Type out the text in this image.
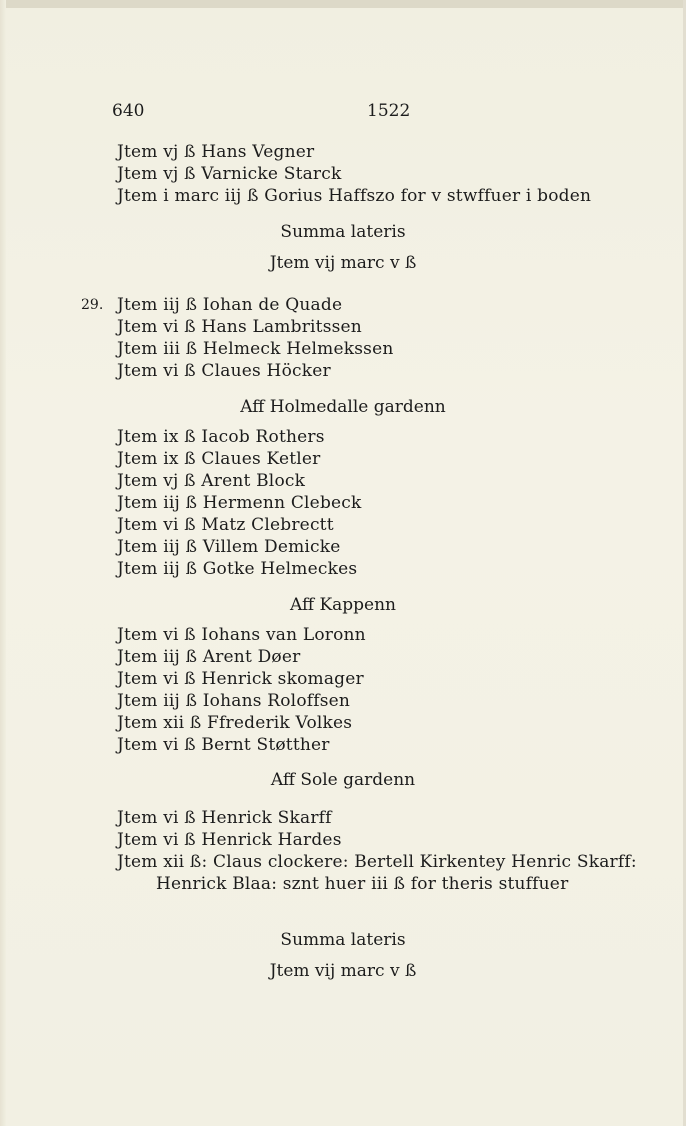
640	1522
Jtem vj ß Hans Vegner
Jtem vj ß Varnicke Starck
Jtem i marc iij ß Gorius Haffszo for v stwffuer i boden
Summa lateris
Jtem vij marc v ß
29. Jtem iij ß Iohan de Quade
Jtem vi ß Hans Lambritssen
Jtem iii ß Helmeck Helmekssen
Jtem vi ß Claues Höcker
Aff Holmedalle gardenn
Jtem ix ß Iacob Rothers
Jtem ix ß Claues Ketler
Jtem vj ß Arent Block
Jtem iij ß Hermenn Clebeck
Jtem vi ß Matz Clebrectt
Jtem iij ß Villem Demicke
Jtem iij ß Gotke Helmeckes
Aff Kappenn
Jtem vi ß Iohans van Loronn
Jtem iij ß Arent Døer
Jtem vi ß Henrick skomager
Jtem iij ß Iohans Roloffsen
Jtem xii ß Ffrederik Volkes
Jtem vi ß Bernt Støtther
Aff Sole gardenn
Jtem vi ß Henrick Skarff
Jtem vi ß Henrick Hardes
Jtem xii ß: Claus clockere: Bertell Kirkentey Henric Skarff:
Henrick Blaa: sznt huer iii ß for theris stuffuer
Summa lateris
Jtem vij marc v ß
